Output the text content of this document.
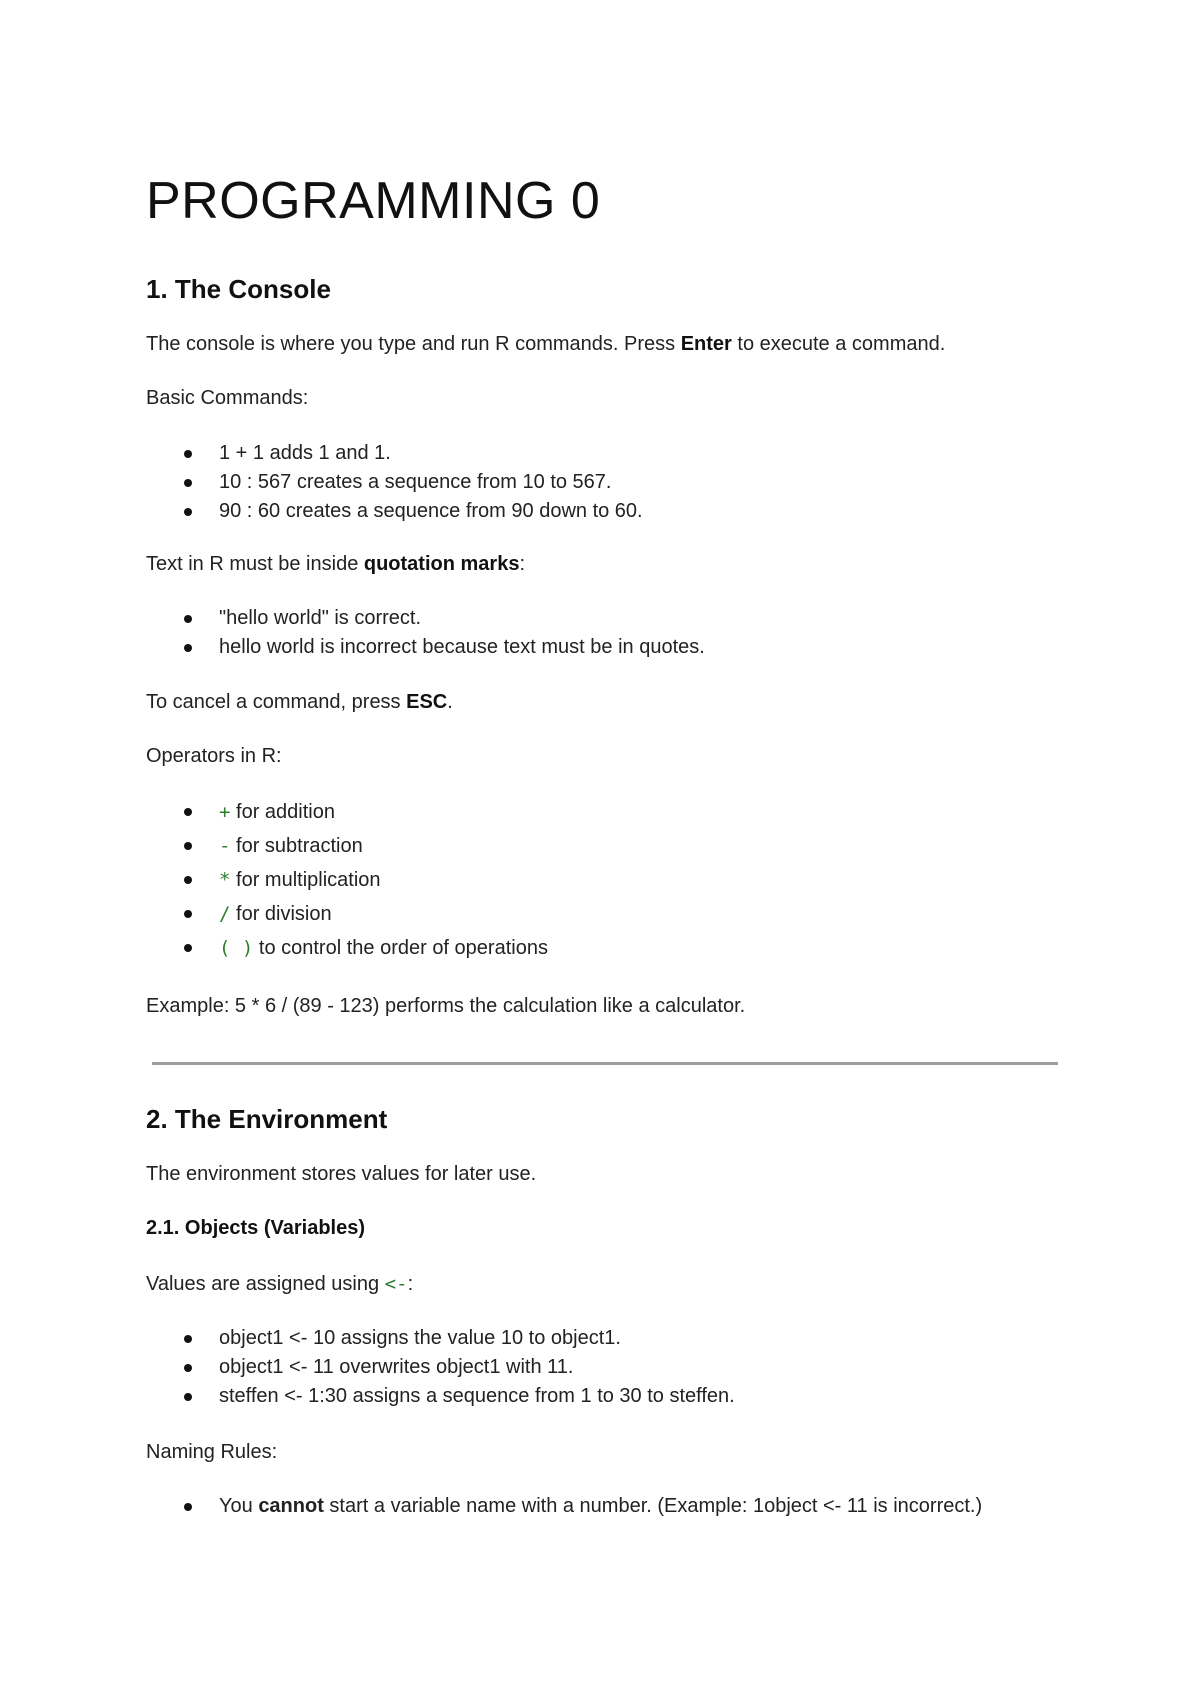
PROGRAMMING 0
1. The Console

The console is where you type and run R commands. Press Enter to execute a command.

Basic Commands:

1 + 1 adds 1 and 1.
10 : 567 creates a sequence from 10 to 567.
90 : 60 creates a sequence from 90 down to 60.

Text in R must be inside quotation marks:

"hello world" is correct.
hello world is incorrect because text must be in quotes.

To cancel a command, press ESC.

Operators in R:

+ for addition
- for subtraction
* for multiplication
/ for division
( ) to control the order of operations

Example: 5 * 6 / (89 - 123) performs the calculation like a calculator.

2. The Environment

The environment stores values for later use.

2.1. Objects (Variables)

Values are assigned using <-:

object1 <- 10 assigns the value 10 to object1.
object1 <- 11 overwrites object1 with 11.
steffen <- 1:30 assigns a sequence from 1 to 30 to steffen.

Naming Rules:

You cannot start a variable name with a number. (Example: 1object <- 11 is incorrect.)
